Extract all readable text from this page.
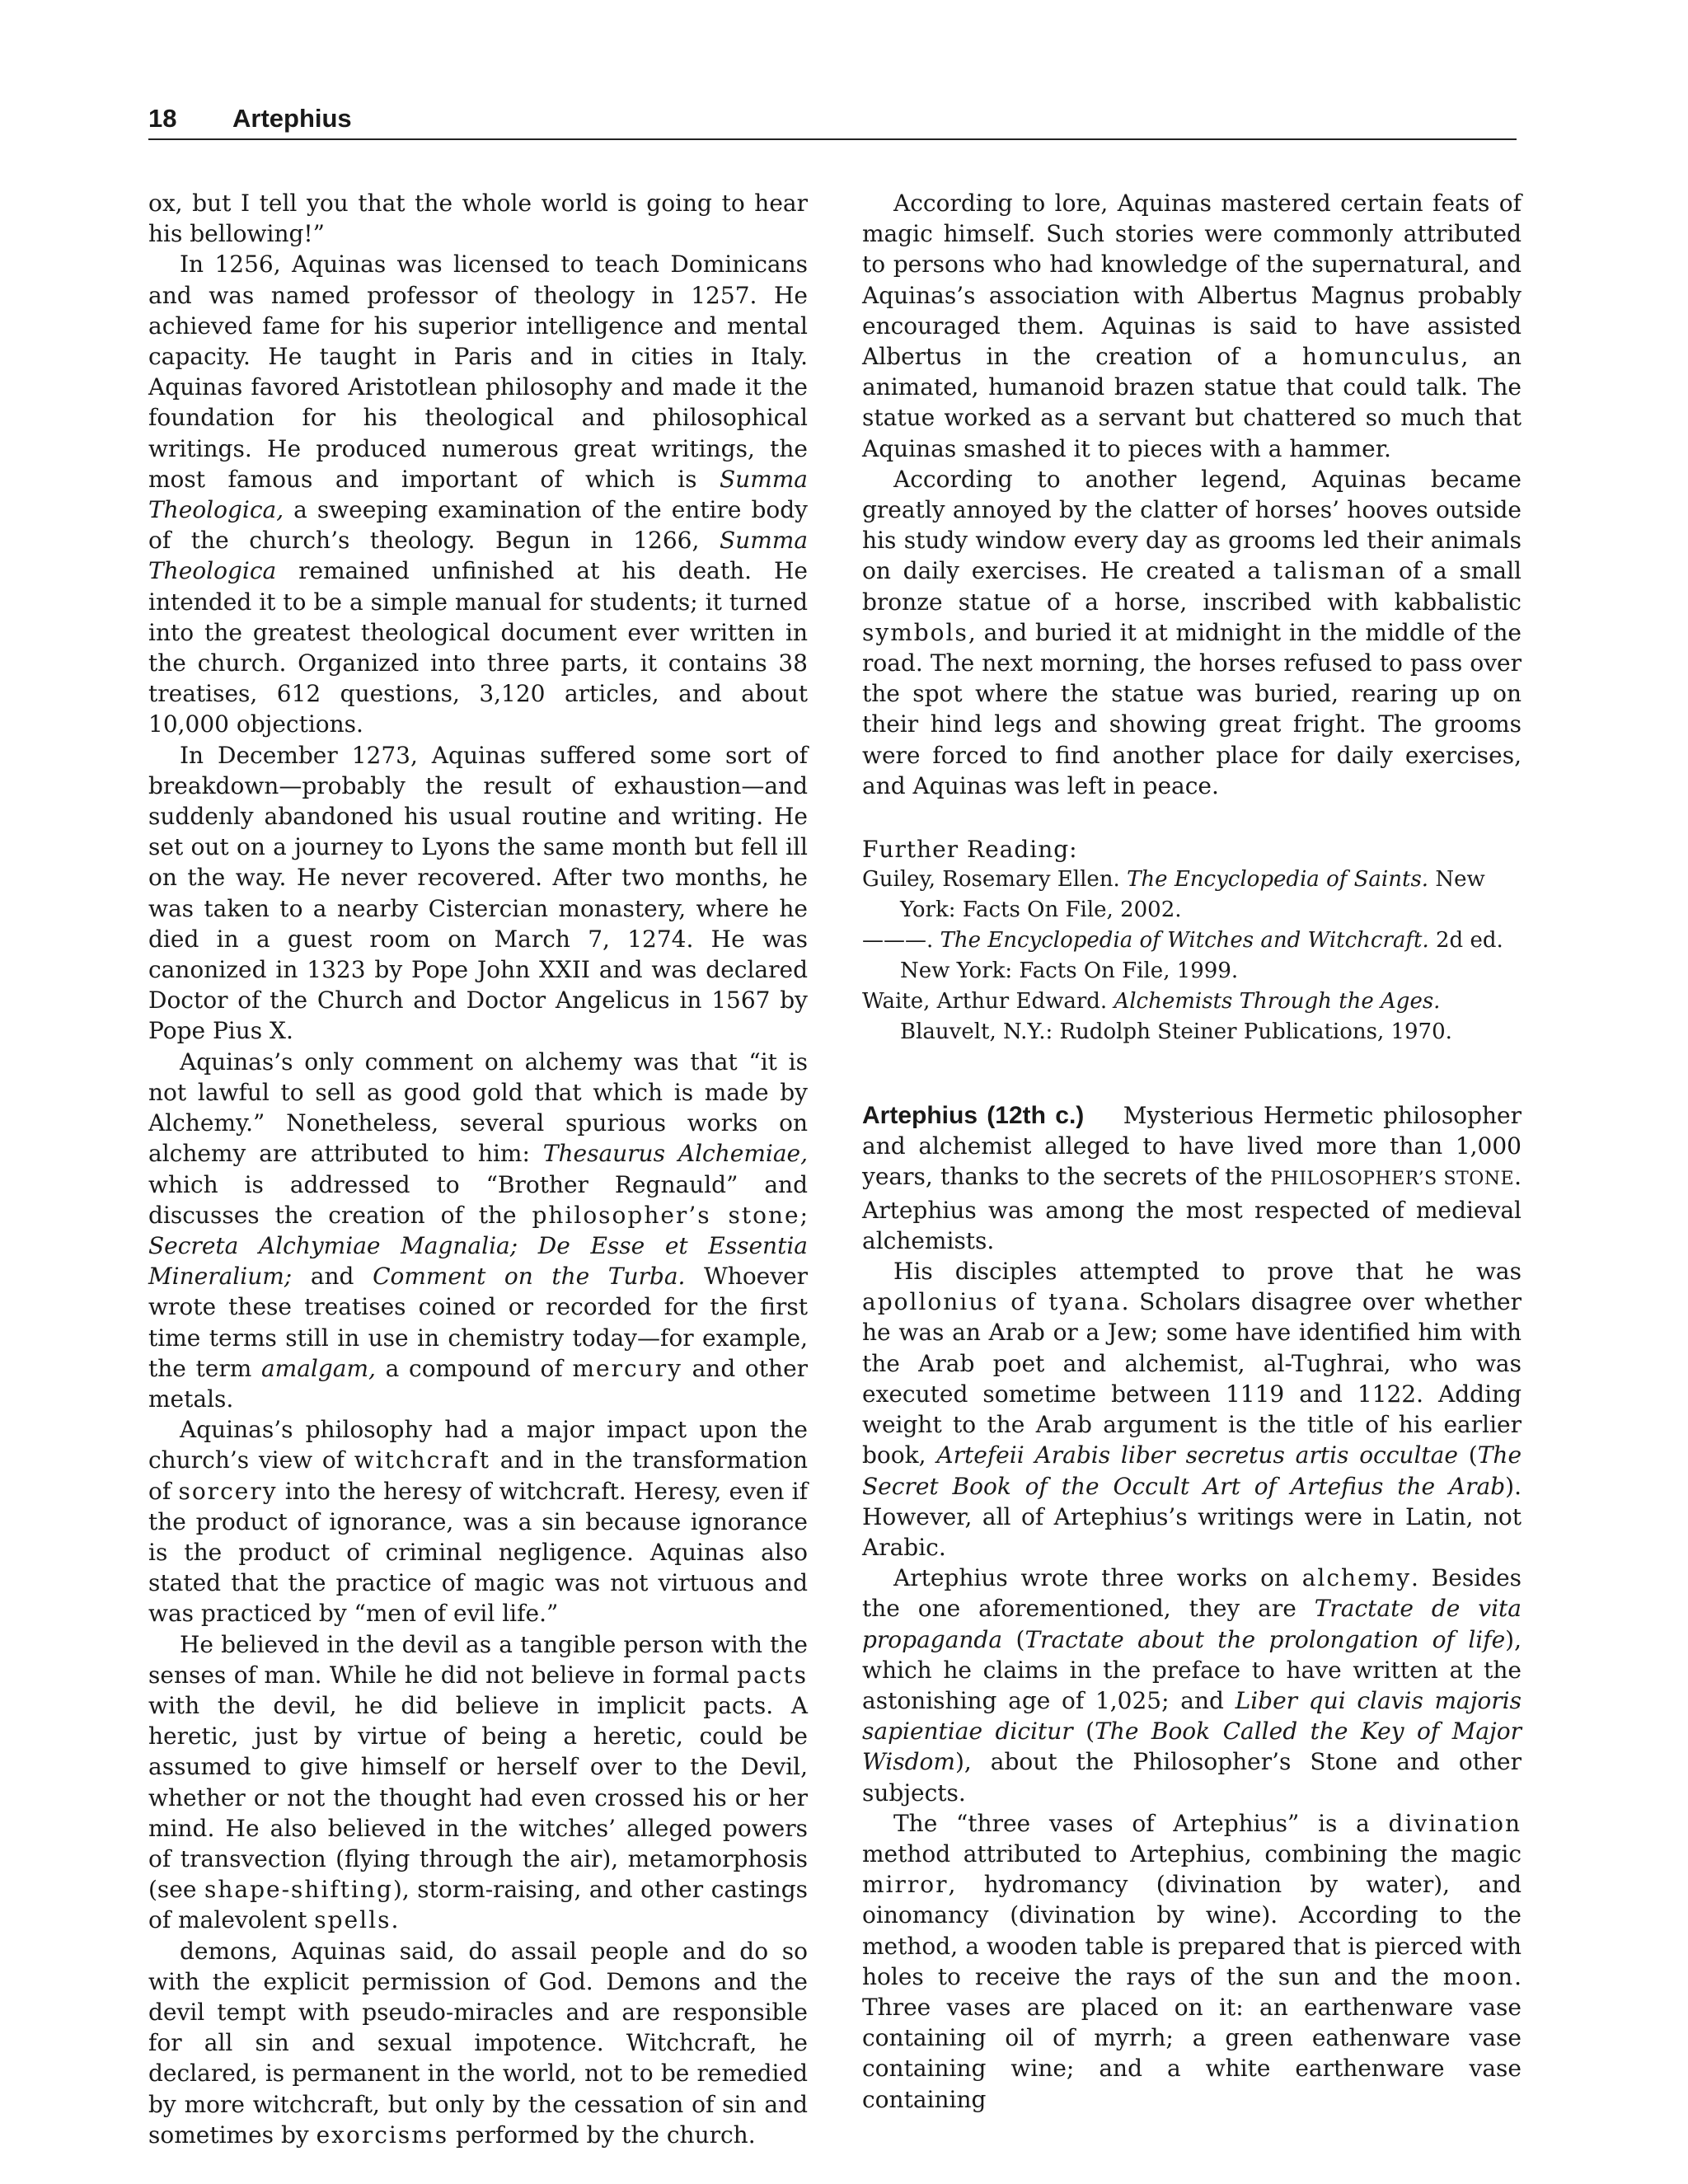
18 Artephius

ox, but I tell you that the whole world is going to hear his bellowing!”

In 1256, Aquinas was licensed to teach Dominicans and was named professor of theology in 1257. He achieved fame for his superior intelligence and mental capacity. He taught in Paris and in cities in Italy. Aquinas favored Aristotlean philosophy and made it the foundation for his theological and philosophical writings. He produced numerous great writings, the most famous and important of which is Summa Theologica, a sweeping examination of the entire body of the church’s theology. Begun in 1266, Summa Theologica remained unfinished at his death. He intended it to be a simple manual for students; it turned into the greatest theological document ever written in the church. Organized into three parts, it contains 38 treatises, 612 questions, 3,120 articles, and about 10,000 objections.

In December 1273, Aquinas suffered some sort of breakdown—probably the result of exhaustion—and suddenly abandoned his usual routine and writing. He set out on a journey to Lyons the same month but fell ill on the way. He never recovered. After two months, he was taken to a nearby Cistercian monastery, where he died in a guest room on March 7, 1274. He was canonized in 1323 by Pope John XXII and was declared Doctor of the Church and Doctor Angelicus in 1567 by Pope Pius X.

Aquinas’s only comment on alchemy was that “it is not lawful to sell as good gold that which is made by Alchemy.” Nonetheless, several spurious works on alchemy are attributed to him: Thesaurus Alchemiae, which is addressed to “Brother Regnauld” and discusses the creation of the philosopher’s stone; Secreta Alchymiae Magnalia; De Esse et Essentia Mineralium; and Comment on the Turba. Whoever wrote these treatises coined or recorded for the first time terms still in use in chemistry today—for example, the term amalgam, a compound of mercury and other metals.

Aquinas’s philosophy had a major impact upon the church’s view of witchcraft and in the transformation of sorcery into the heresy of witchcraft. Heresy, even if the product of ignorance, was a sin because ignorance is the product of criminal negligence. Aquinas also stated that the practice of magic was not virtuous and was practiced by “men of evil life.”

He believed in the devil as a tangible person with the senses of man. While he did not believe in formal pacts with the devil, he did believe in implicit pacts. A heretic, just by virtue of being a heretic, could be assumed to give himself or herself over to the Devil, whether or not the thought had even crossed his or her mind. He also believed in the witches’ alleged powers of transvection (flying through the air), metamorphosis (see shape-shifting), storm-raising, and other castings of malevolent spells.

demons, Aquinas said, do assail people and do so with the explicit permission of God. Demons and the devil tempt with pseudo-miracles and are responsible for all sin and sexual impotence. Witchcraft, he declared, is permanent in the world, not to be remedied by more witchcraft, but only by the cessation of sin and sometimes by exorcisms performed by the church.

According to lore, Aquinas mastered certain feats of magic himself. Such stories were commonly attributed to persons who had knowledge of the supernatural, and Aquinas’s association with Albertus Magnus probably encouraged them. Aquinas is said to have assisted Albertus in the creation of a homunculus, an animated, humanoid brazen statue that could talk. The statue worked as a servant but chattered so much that Aquinas smashed it to pieces with a hammer.

According to another legend, Aquinas became greatly annoyed by the clatter of horses’ hooves outside his study window every day as grooms led their animals on daily exercises. He created a talisman of a small bronze statue of a horse, inscribed with kabbalistic symbols, and buried it at midnight in the middle of the road. The next morning, the horses refused to pass over the spot where the statue was buried, rearing up on their hind legs and showing great fright. The grooms were forced to find another place for daily exercises, and Aquinas was left in peace.

Further Reading:

Guiley, Rosemary Ellen. The Encyclopedia of Saints. New York: Facts On File, 2002.

———. The Encyclopedia of Witches and Witchcraft. 2d ed. New York: Facts On File, 1999.

Waite, Arthur Edward. Alchemists Through the Ages. Blauvelt, N.Y.: Rudolph Steiner Publications, 1970.

Artephius (12th c.) Mysterious Hermetic philosopher and alchemist alleged to have lived more than 1,000 years, thanks to the secrets of the PHILOSOPHER’S STONE. Artephius was among the most respected of medieval alchemists.

His disciples attempted to prove that he was apollonius of tyana. Scholars disagree over whether he was an Arab or a Jew; some have identified him with the Arab poet and alchemist, al-Tughrai, who was executed sometime between 1119 and 1122. Adding weight to the Arab argument is the title of his earlier book, Artefeii Arabis liber secretus artis occultae (The Secret Book of the Occult Art of Artefius the Arab). However, all of Artephius’s writings were in Latin, not Arabic.

Artephius wrote three works on alchemy. Besides the one aforementioned, they are Tractate de vita propaganda (Tractate about the prolongation of life), which he claims in the preface to have written at the astonishing age of 1,025; and Liber qui clavis majoris sapientiae dicitur (The Book Called the Key of Major Wisdom), about the Philosopher’s Stone and other subjects.

The “three vases of Artephius” is a divination method attributed to Artephius, combining the magic mirror, hydromancy (divination by water), and oinomancy (divination by wine). According to the method, a wooden table is prepared that is pierced with holes to receive the rays of the sun and the moon. Three vases are placed on it: an earthenware vase containing oil of myrrh; a green eathenware vase containing wine; and a white earthenware vase containing
